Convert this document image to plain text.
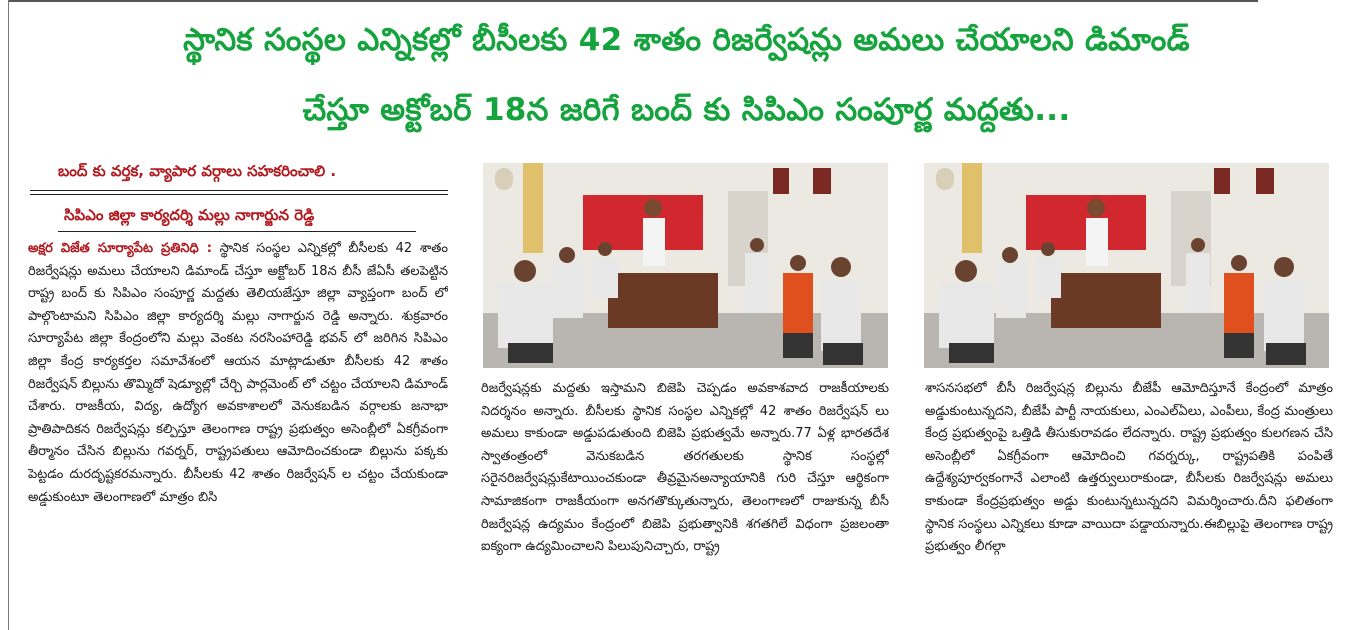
స్థానిక సంస్థల ఎన్నికల్లో బీసీలకు 42 శాతం రిజర్వేషన్లు అమలు చేయాలని డిమాండ్
చేస్తూ అక్టోబర్ 18న జరిగే బంద్ కు సిపిఎం సంపూర్ణ మద్దతు...
బంద్ కు వర్తక, వ్యాపార వర్గాలు సహకరించాలి .
సిపిఎం జిల్లా కార్యదర్శి మల్లు నాగార్జున రెడ్డి
అక్షర విజేత సూర్యాపేట ప్రతినిధి : స్థానిక సంస్థల ఎన్నికల్లో బీసీలకు 42 శాతం రిజర్వేషన్లు అమలు చేయాలని డిమాండ్ చేస్తూ అక్టోబర్ 18న బీసీ జేఏసీ తలపెట్టిన రాష్ట్ర బంద్ కు సిపిఎం సంపూర్ణ మద్దతు తెలియజేస్తూ జిల్లా వ్యాప్తంగా బంద్ లో పాల్గొంటామని సిపిఎం జిల్లా కార్యదర్శి మల్లు నాగార్జున రెడ్డి అన్నారు. శుక్రవారం సూర్యాపేట జిల్లా కేంద్రంలోని మల్లు వెంకట నరసింహారెడ్డి భవన్ లో జరిగిన సిపిఎం జిల్లా కేంద్ర కార్యకర్తల సమావేశంలో ఆయన మాట్లాడుతూ బీసీలకు 42 శాతం రిజర్వేషన్ బిల్లును తొమ్మిదో షెడ్యూల్లో చేర్చి పార్లమెంట్ లో చట్టం చేయాలని డిమాండ్ చేశారు. రాజకీయ, విద్య, ఉద్యోగ అవకాశాలలో వెనుకబడిన వర్గాలకు జనాభా ప్రాతిపాదికన రిజర్వేషన్లు కల్పిస్తూ తెలంగాణ రాష్ట్ర ప్రభుత్వం అసెంబ్లీలో ఏకగ్రీవంగా తీర్మానం చేసిన బిల్లును గవర్నర్, రాష్ట్రపతులు ఆమోదించకుండా బిల్లును పక్కకు పెట్టడం దురదృష్టకరమన్నారు. బీసీలకు 42 శాతం రిజర్వేషన్ ల చట్టం చేయకుండా అడ్డుకుంటూ తెలంగాణలో మాత్రం బిసి
రిజర్వేషన్లకు మద్దతు ఇస్తామని బిజెపి చెప్పడం అవకాశవాద రాజకీయాలకు నిదర్శనం అన్నారు. బీసీలకు స్థానిక సంస్థల ఎన్నికల్లో 42 శాతం రిజర్వేషన్ లు అమలు కాకుండా అడ్డుపడుతుంది బిజెపి ప్రభుత్వమే అన్నారు.77 ఏళ్ల భారతదేశ స్వాతంత్రంలో వెనుకబడిన తరగతులకు స్థానిక సంస్థల్లో సరైనరిజర్వేషన్లుకేటాయించకుండా తీవ్రమైనఅన్యాయానికి గురి చేస్తూ ఆర్థికంగా సామాజికంగా రాజకీయంగా అనగతొక్కుతున్నారు, తెలంగాణలో రాజుకున్న బీసీ రిజర్వేషన్ల ఉద్యమం కేంద్రంలో బిజెపి ప్రభుత్వానికి శగతగిలే విధంగా ప్రజలంతా ఐక్యంగా ఉద్యమించాలని పిలుపునిచ్చారు, రాష్ట్ర
శాసనసభలో బీసీ రిజర్వేషన్ల బిల్లును బీజేపీ ఆమోదిస్తూనే కేంద్రంలో మాత్రం అడ్డుకుంటున్నదని, బీజేపీ పార్టీ నాయకులు, ఎంఎల్ఏలు, ఎంపీలు, కేంద్ర మంత్రులు కేంద్ర ప్రభుత్వంపై ఒత్తిడి తీసుకురావడం లేదన్నారు. రాష్ట్ర ప్రభుత్వం కులగణన చేసి అసెంబ్లీలో ఏకగ్రీవంగా ఆమోదించి గవర్నర్కు, రాష్ట్రపతికి పంపితే ఉద్దేశ్యపూర్వకంగానే ఎలాంటి ఉత్తర్వులురాకుండా, బీసీలకు రిజర్వేషన్లు అమలు కాకుండా కేంద్రప్రభుత్వం అడ్డు కుంటున్నటున్నదని విమర్శించారు.దీని ఫలితంగా స్థానిక సంస్థలు ఎన్నికలు కూడా వాయిదా పడ్డాయన్నారు.ఈబిల్లుపై తెలంగాణ రాష్ట్ర ప్రభుత్వం లీగల్గా
